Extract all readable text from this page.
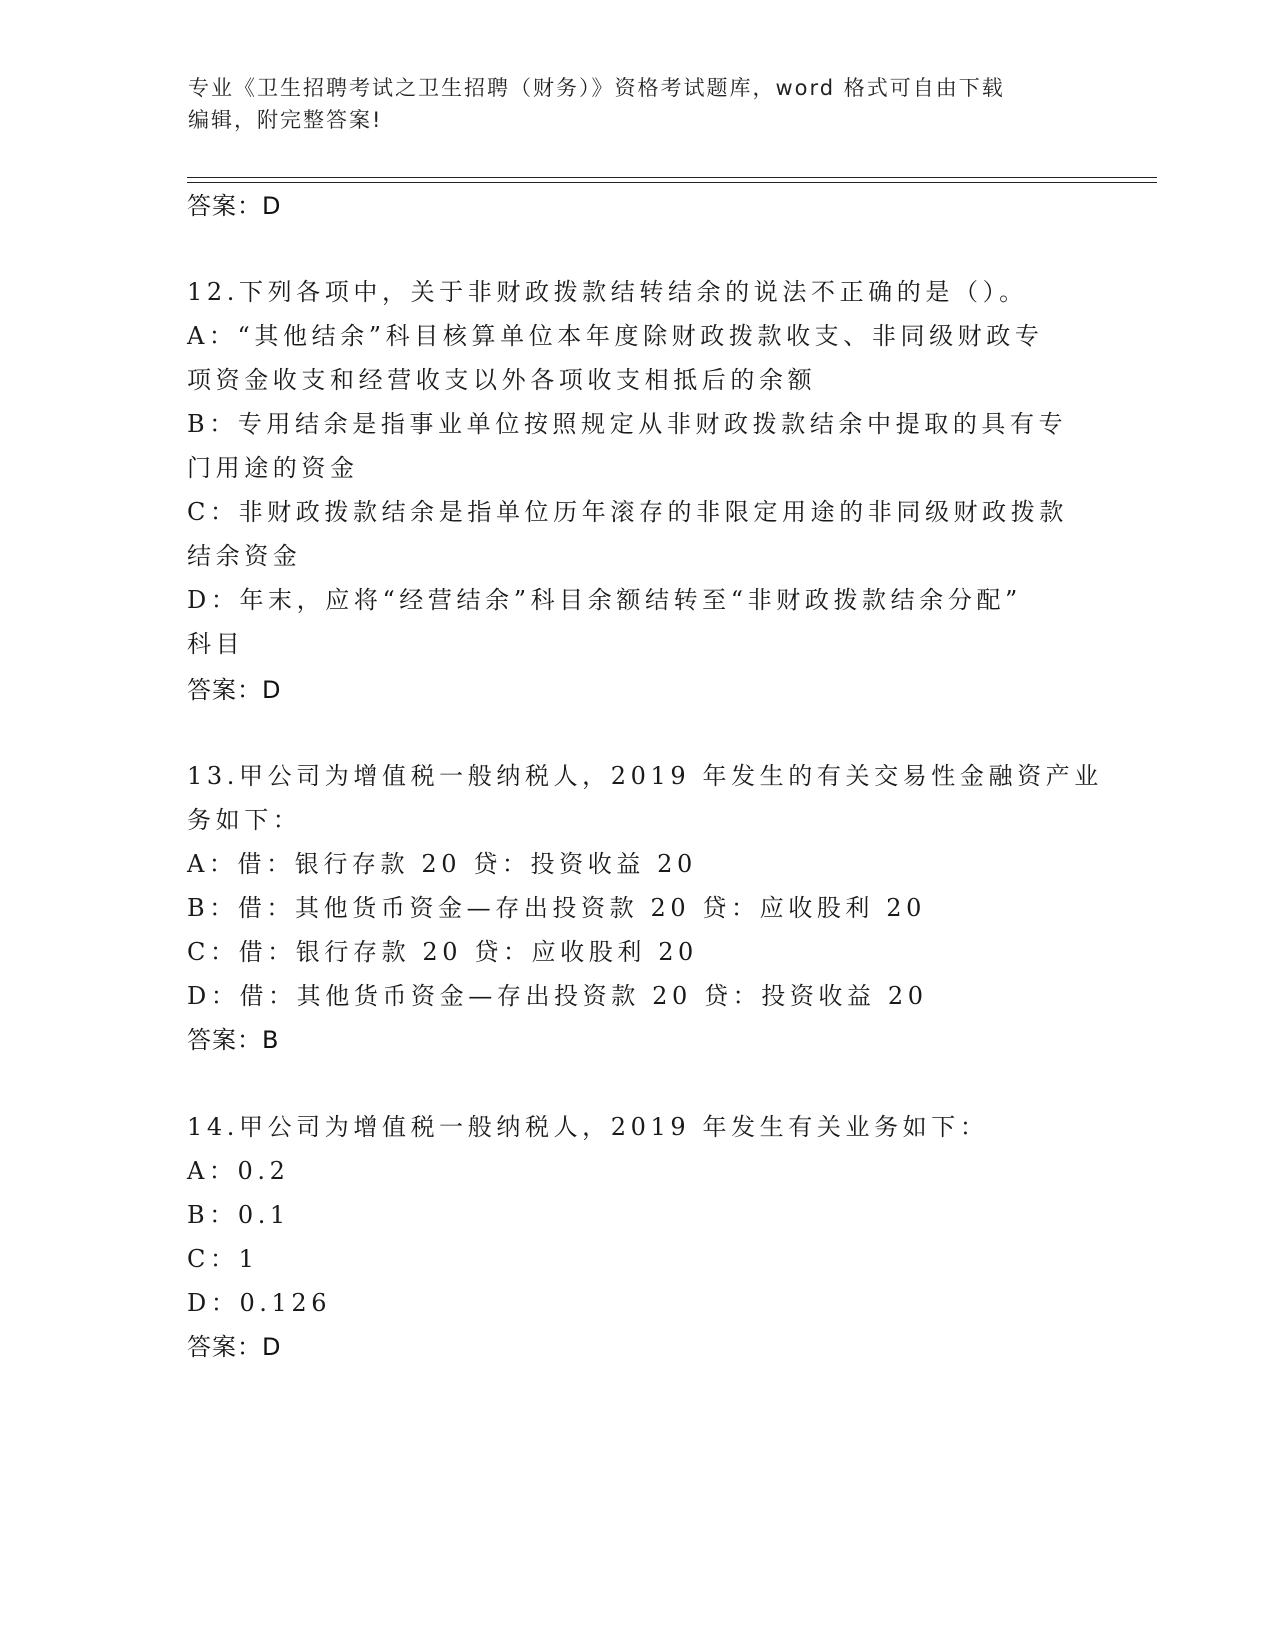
专业《卫生招聘考试之卫生招聘（财务）》资格考试题库，word 格式可自由下载
编辑，附完整答案!
答案：D
12.下列各项中，关于非财政拨款结转结余的说法不正确的是（）。
A：“其他结余”科目核算单位本年度除财政拨款收支、非同级财政专
项资金收支和经营收支以外各项收支相抵后的余额
B：专用结余是指事业单位按照规定从非财政拨款结余中提取的具有专
门用途的资金
C：非财政拨款结余是指单位历年滚存的非限定用途的非同级财政拨款
结余资金
D：年末，应将“经营结余”科目余额结转至“非财政拨款结余分配”
科目
答案：D
13.甲公司为增值税一般纳税人，2019 年发生的有关交易性金融资产业
务如下：
A：借：银行存款 20 贷：投资收益 20
B：借：其他货币资金—存出投资款 20 贷：应收股利 20
C：借：银行存款 20 贷：应收股利 20
D：借：其他货币资金—存出投资款 20 贷：投资收益 20
答案：B
14.甲公司为增值税一般纳税人，2019 年发生有关业务如下：
A：0.2
B：0.1
C：1
D：0.126
答案：D
